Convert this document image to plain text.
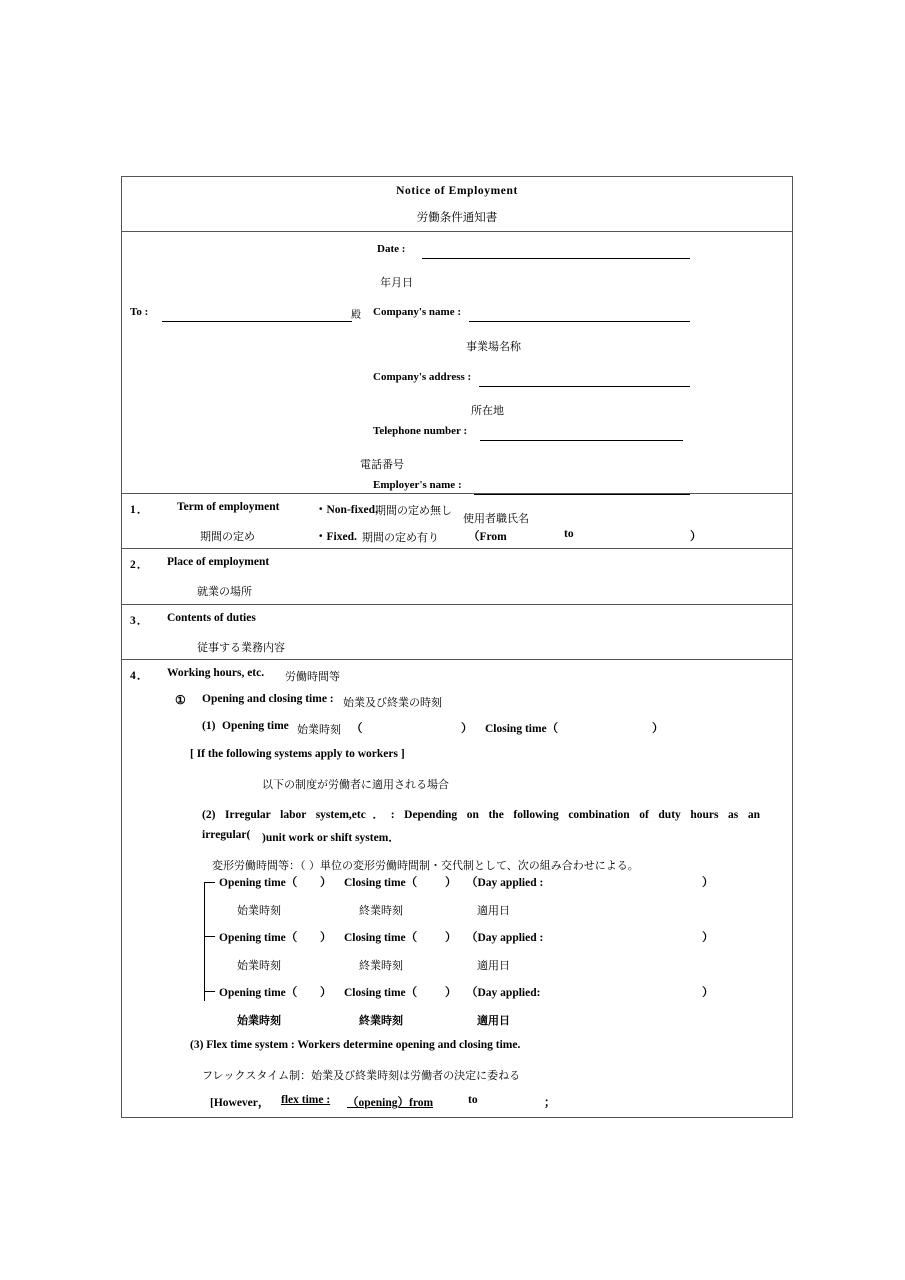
Notice of Employment
労働条件通知書
Date :
年月日
To :	殿 Company's name :
事業場名称
Company's address :
所在地
Telephone number :
電話番号
Employer's name :
使用者職氏名
1． Term of employment	・Non-fixed.
期間の定め無し
期間の定め	・Fixed. 期間の定め有り	（From	to	）
2． Place of employment
就業の場所
3． Contents of duties
従事する業務内容
4． Working hours, etc. 労働時間等
① Opening and closing time : 始業及び終業の時刻
(1) Opening time 始業時刻 （	） Closing time（	）
[ If the following systems apply to workers ]
以下の制度が労働者に適用される場合
(2) Irregular labor system,etc．: Depending on the following combination of duty hours as an
irregular( )unit work or shift system．
変形労働時間等：（ ）単位の変形労働時間制・交代制として、次の組み合わせによる。
Opening time（ ） Closing time（ ） （Day applied :	）
始業時刻	終業時刻	適用日
Opening time（ ） Closing time（ ） （Day applied :	）
始業時刻	終業時刻	適用日
Opening time（ ） Closing time（ ） （Day applied:	）
始業時刻	終業時刻	適用日
(3) Flex time system : Workers determine opening and closing time.
フレックスタイム制：始業及び終業時刻は労働者の決定に委ねる
[However， flex time : （opening）from	to	；
